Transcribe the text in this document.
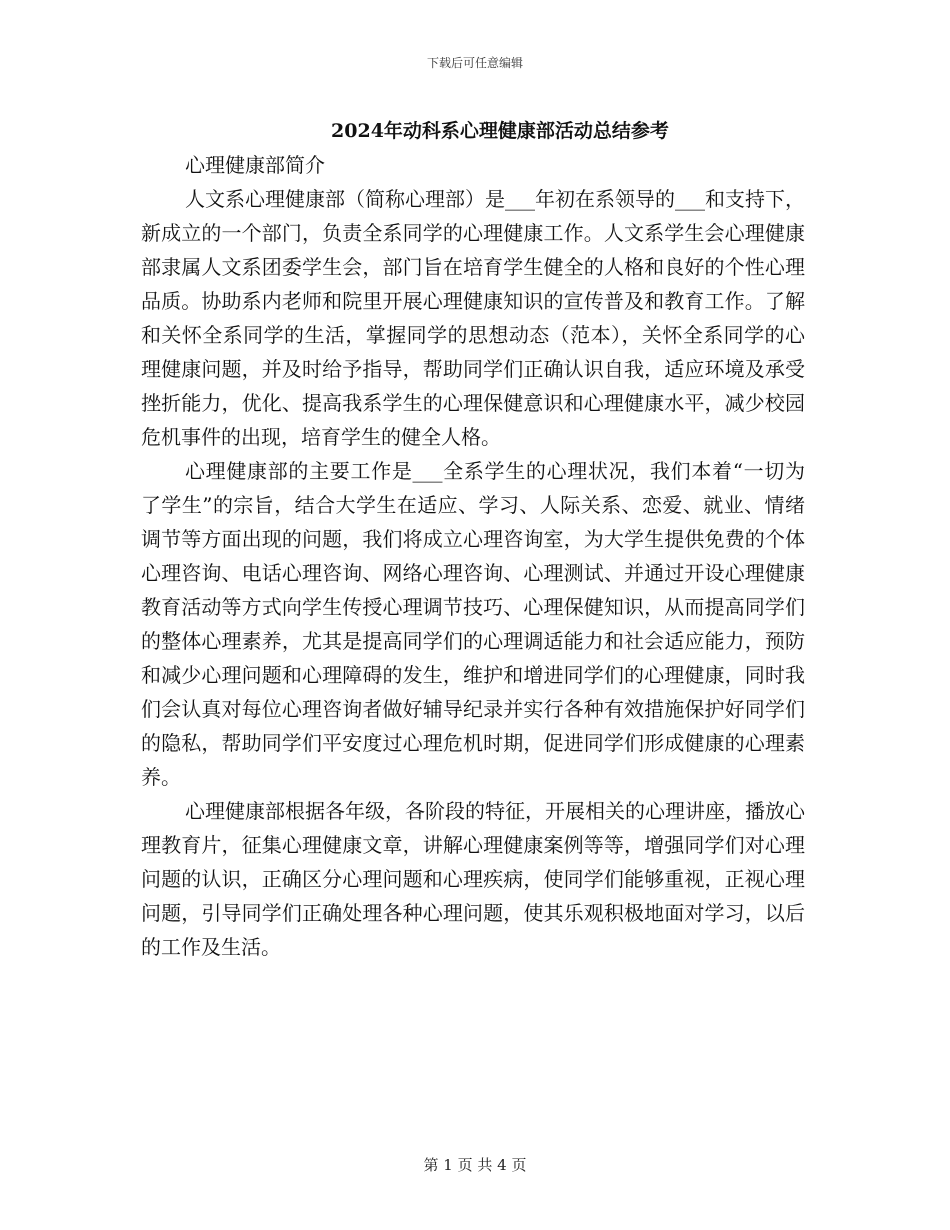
下载后可任意编辑
2024年动科系心理健康部活动总结参考

心理健康部简介

人文系心理健康部（简称心理部）是___年初在系领导的___和支持下，新成立的一个部门，负责全系同学的心理健康工作。人文系学生会心理健康部隶属人文系团委学生会，部门旨在培育学生健全的人格和良好的个性心理品质。协助系内老师和院里开展心理健康知识的宣传普及和教育工作。了解和关怀全系同学的生活，掌握同学的思想动态（范本），关怀全系同学的心理健康问题，并及时给予指导，帮助同学们正确认识自我，适应环境及承受挫折能力，优化、提高我系学生的心理保健意识和心理健康水平，减少校园危机事件的出现，培育学生的健全人格。

心理健康部的主要工作是___全系学生的心理状况，我们本着“一切为了学生”的宗旨，结合大学生在适应、学习、人际关系、恋爱、就业、情绪调节等方面出现的问题，我们将成立心理咨询室，为大学生提供免费的个体心理咨询、电话心理咨询、网络心理咨询、心理测试、并通过开设心理健康教育活动等方式向学生传授心理调节技巧、心理保健知识，从而提高同学们的整体心理素养，尤其是提高同学们的心理调适能力和社会适应能力，预防和减少心理问题和心理障碍的发生，维护和增进同学们的心理健康，同时我们会认真对每位心理咨询者做好辅导纪录并实行各种有效措施保护好同学们的隐私，帮助同学们平安度过心理危机时期，促进同学们形成健康的心理素养。

心理健康部根据各年级，各阶段的特征，开展相关的心理讲座，播放心理教育片，征集心理健康文章，讲解心理健康案例等等，增强同学们对心理问题的认识，正确区分心理问题和心理疾病，使同学们能够重视，正视心理问题，引导同学们正确处理各种心理问题，使其乐观积极地面对学习，以后的工作及生活。

第 1 页 共 4 页
